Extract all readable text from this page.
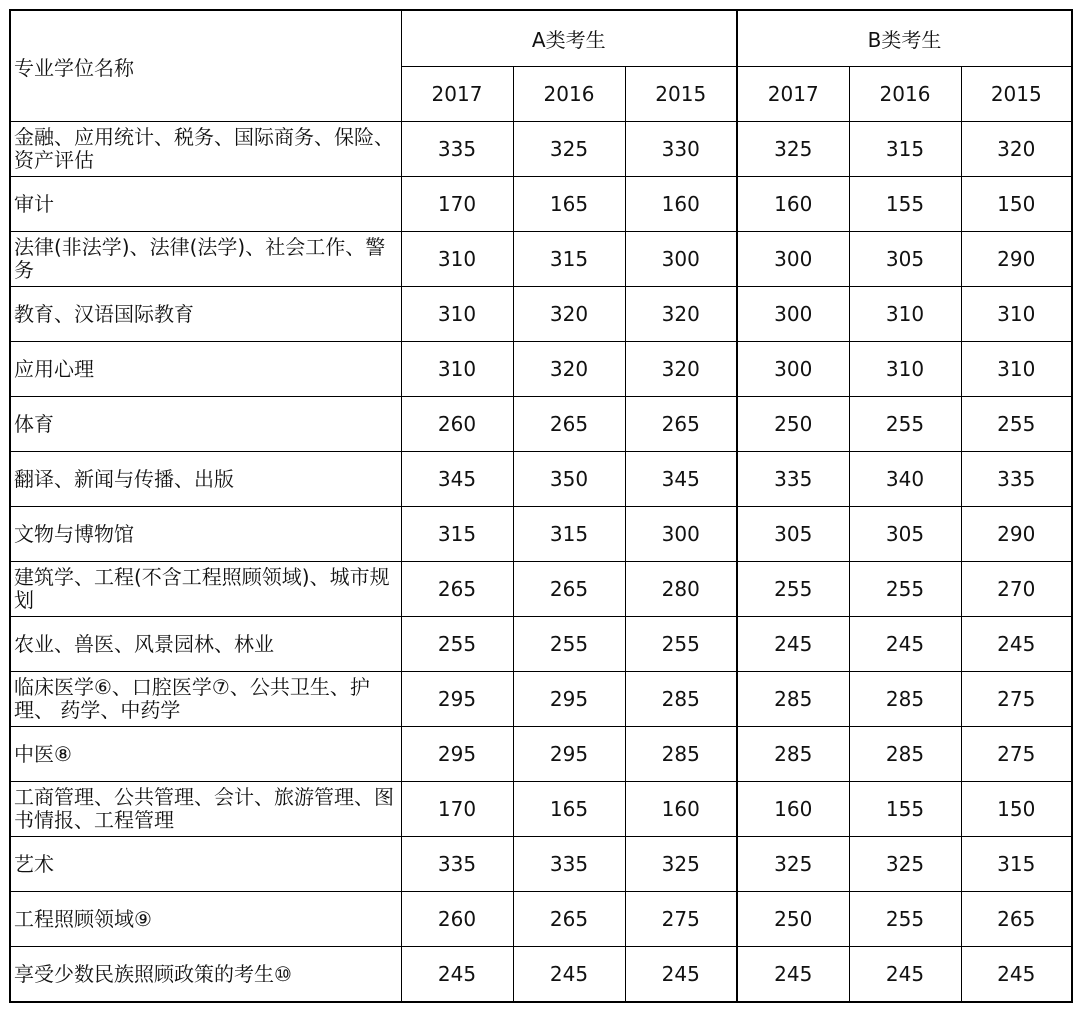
专业学位名称	A类考生			B类考生		
	2017	2016	2015	2017	2016	2015
金融、应用统计、税务、国际商务、保险、 资产评估	335	325	330	325	315	320
审计	170	165	160	160	155	150
法律(非法学)、法律(法学)、社会工作、警务	310	315	300	300	305	290
教育、汉语国际教育	310	320	320	300	310	310
应用心理	310	320	320	300	310	310
体育	260	265	265	250	255	255
翻译、新闻与传播、出版	345	350	345	335	340	335
文物与博物馆	315	315	300	305	305	290
建筑学、工程(不含工程照顾领域)、城市规划	265	265	280	255	255	270
农业、兽医、风景园林、林业	255	255	255	245	245	245
临床医学⑥、口腔医学⑦、公共卫生、护理、 药学、中药学	295	295	285	285	285	275
中医⑧	295	295	285	285	285	275
工商管理、公共管理、会计、旅游管理、图书情报、工程管理	170	165	160	160	155	150
艺术	335	335	325	325	325	315
工程照顾领域⑨	260	265	275	250	255	265
享受少数民族照顾政策的考生⑩	245	245	245	245	245	245
